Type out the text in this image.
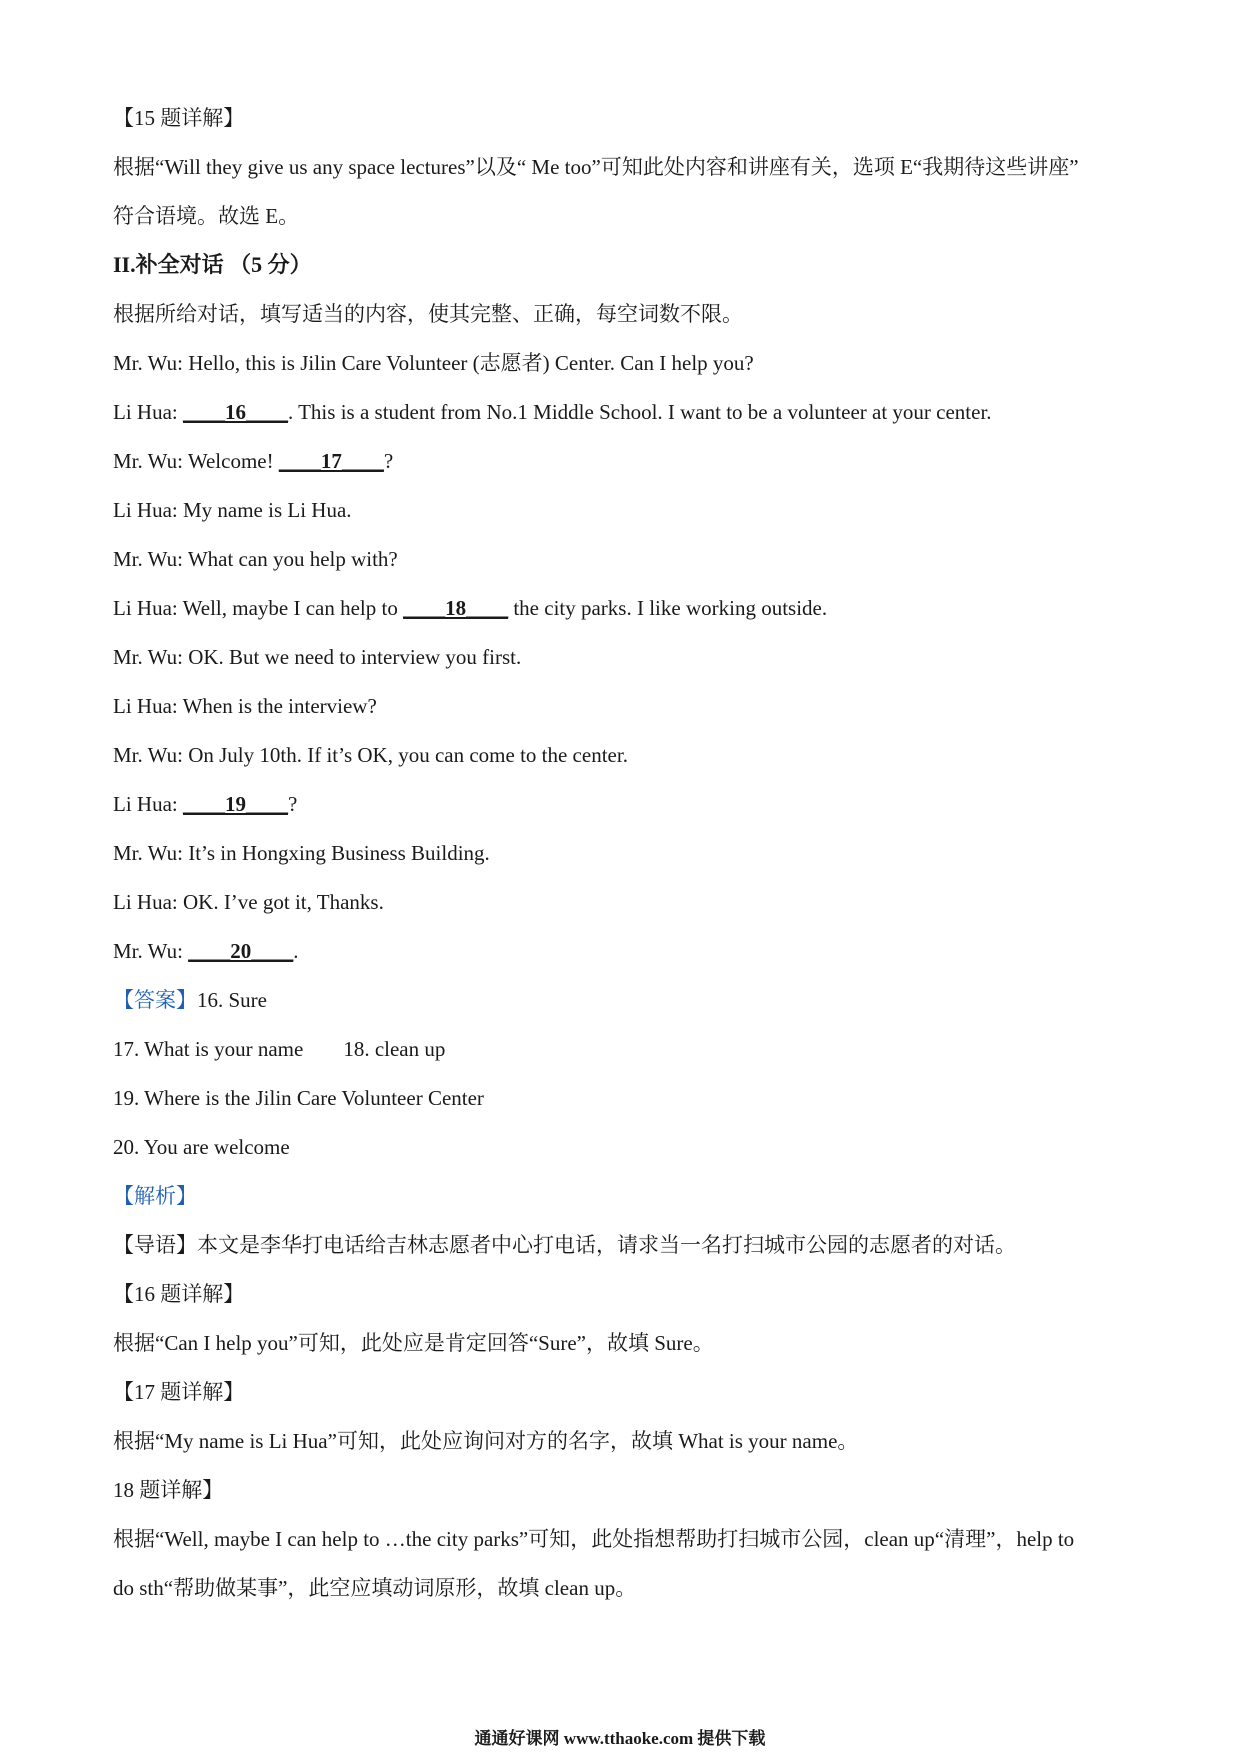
【15 题详解】
根据“Will they give us any space lectures”以及“ Me too”可知此处内容和讲座有关，选项 E“我期待这些讲座”
符合语境。故选 E。
II.补全对话 （5 分）
根据所给对话，填写适当的内容，使其完整、正确，每空词数不限。
Mr. Wu: Hello, this is Jilin Care Volunteer (志愿者) Center. Can I help you?
Li Hua: ____16____. This is a student from No.1 Middle School. I want to be a volunteer at your center.
Mr. Wu: Welcome! ____17____?
Li Hua: My name is Li Hua.
Mr. Wu: What can you help with?
Li Hua: Well, maybe I can help to ____18____ the city parks. I like working outside.
Mr. Wu: OK. But we need to interview you first.
Li Hua: When is the interview?
Mr. Wu: On July 10th. If it’s OK, you can come to the center.
Li Hua: ____19____?
Mr. Wu: It’s in Hongxing Business Building.
Li Hua: OK. I’ve got it, Thanks.
Mr. Wu: ____20____.
【答案】16. Sure
17. What is your name 18. clean up
19. Where is the Jilin Care Volunteer Center
20. You are welcome
【解析】
【导语】本文是李华打电话给吉林志愿者中心打电话，请求当一名打扫城市公园的志愿者的对话。
【16 题详解】
根据“Can I help you”可知，此处应是肯定回答“Sure”，故填 Sure。
【17 题详解】
根据“My name is Li Hua”可知，此处应询问对方的名字，故填 What is your name。
18 题详解】
根据“Well, maybe I can help to …the city parks”可知，此处指想帮助打扫城市公园，clean up“清理”，help to
do sth“帮助做某事”，此空应填动词原形，故填 clean up。
通通好课网 www.tthaoke.com 提供下载
